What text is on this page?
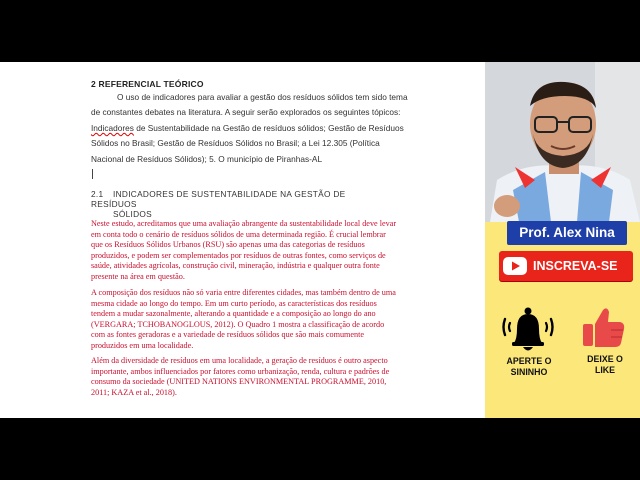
2 REFERENCIAL TEÓRICO
O uso de indicadores para avaliar a gestão dos resíduos sólidos tem sido tema
de constantes debates na literatura. A seguir serão explorados os seguintes tópicos:
Indicadores de Sustentabilidade na Gestão de resíduos sólidos; Gestão de Resíduos
Sólidos no Brasil; Gestão de Resíduos Sólidos no Brasil; a Lei 12.305 (Política
Nacional de Resíduos Sólidos); 5. O município de Piranhas-AL
2.1 INDICADORES DE SUSTENTABILIDADE NA GESTÃO DE RESÍDUOS
SÓLIDOS
Neste estudo, acreditamos que uma avaliação abrangente da sustentabilidade local deve levar
em conta todo o cenário de resíduos sólidos de uma determinada região. É crucial lembrar
que os Resíduos Sólidos Urbanos (RSU) são apenas uma das categorias de resíduos
produzidos, e podem ser complementados por resíduos de outras fontes, como serviços de
saúde, atividades agrícolas, construção civil, mineração, indústria e qualquer outra fonte
presente na área em questão.
A composição dos resíduos não só varia entre diferentes cidades, mas também dentro de uma
mesma cidade ao longo do tempo. Em um curto período, as características dos resíduos
tendem a mudar sazonalmente, alterando a quantidade e a composição ao longo do ano
(VERGARA; TCHOBANOGLOUS, 2012). O Quadro 1 mostra a classificação de acordo
com as fontes geradoras e a variedade de resíduos sólidos que são mais comumente
produzidos em uma localidade.
Além da diversidade de resíduos em uma localidade, a geração de resíduos é outro aspecto
importante, ambos influenciados por fatores como urbanização, renda, cultura e padrões de
consumo da sociedade (UNITED NATIONS ENVIRONMENTAL PROGRAMME, 2010,
2011; KAZA et al., 2018).
Prof. Alex Nina
INSCREVA-SE
APERTE O
SININHO
DEIXE O
LIKE
